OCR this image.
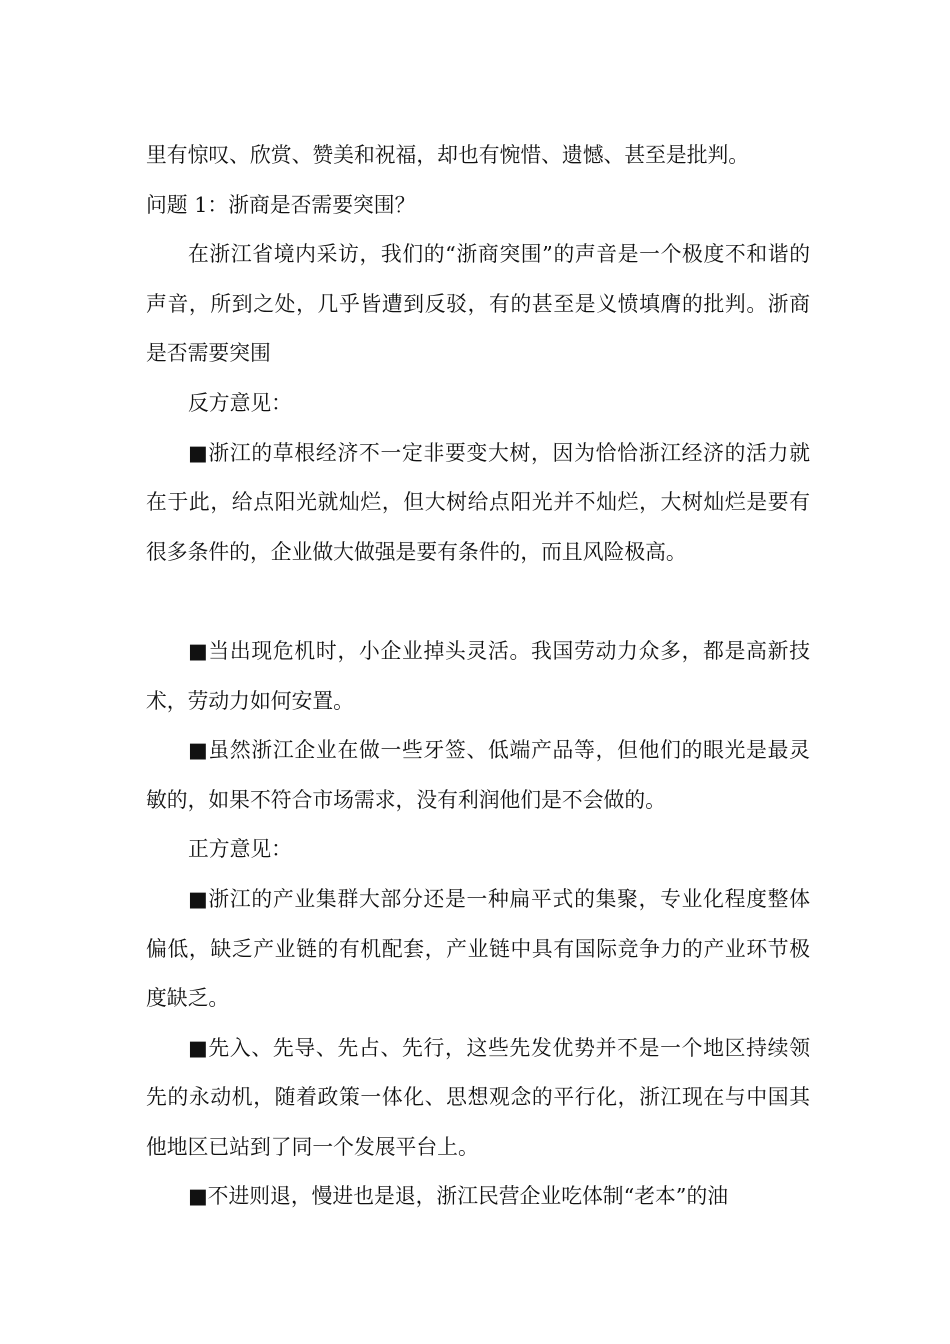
里有惊叹、欣赏、赞美和祝福，却也有惋惜、遗憾、甚至是批判。

问题 1：浙商是否需要突围？

在浙江省境内采访，我们的“浙商突围”的声音是一个极度不和谐的声音，所到之处，几乎皆遭到反驳，有的甚至是义愤填膺的批判。浙商是否需要突围

反方意见：

■浙江的草根经济不一定非要变大树，因为恰恰浙江经济的活力就在于此，给点阳光就灿烂，但大树给点阳光并不灿烂，大树灿烂是要有很多条件的，企业做大做强是要有条件的，而且风险极高。

■当出现危机时，小企业掉头灵活。我国劳动力众多，都是高新技术，劳动力如何安置。

■虽然浙江企业在做一些牙签、低端产品等，但他们的眼光是最灵敏的，如果不符合市场需求，没有利润他们是不会做的。

正方意见：

■浙江的产业集群大部分还是一种扁平式的集聚，专业化程度整体偏低，缺乏产业链的有机配套，产业链中具有国际竞争力的产业环节极度缺乏。

■先入、先导、先占、先行，这些先发优势并不是一个地区持续领先的永动机，随着政策一体化、思想观念的平行化，浙江现在与中国其他地区已站到了同一个发展平台上。

■不进则退，慢进也是退，浙江民营企业吃体制“老本”的油
